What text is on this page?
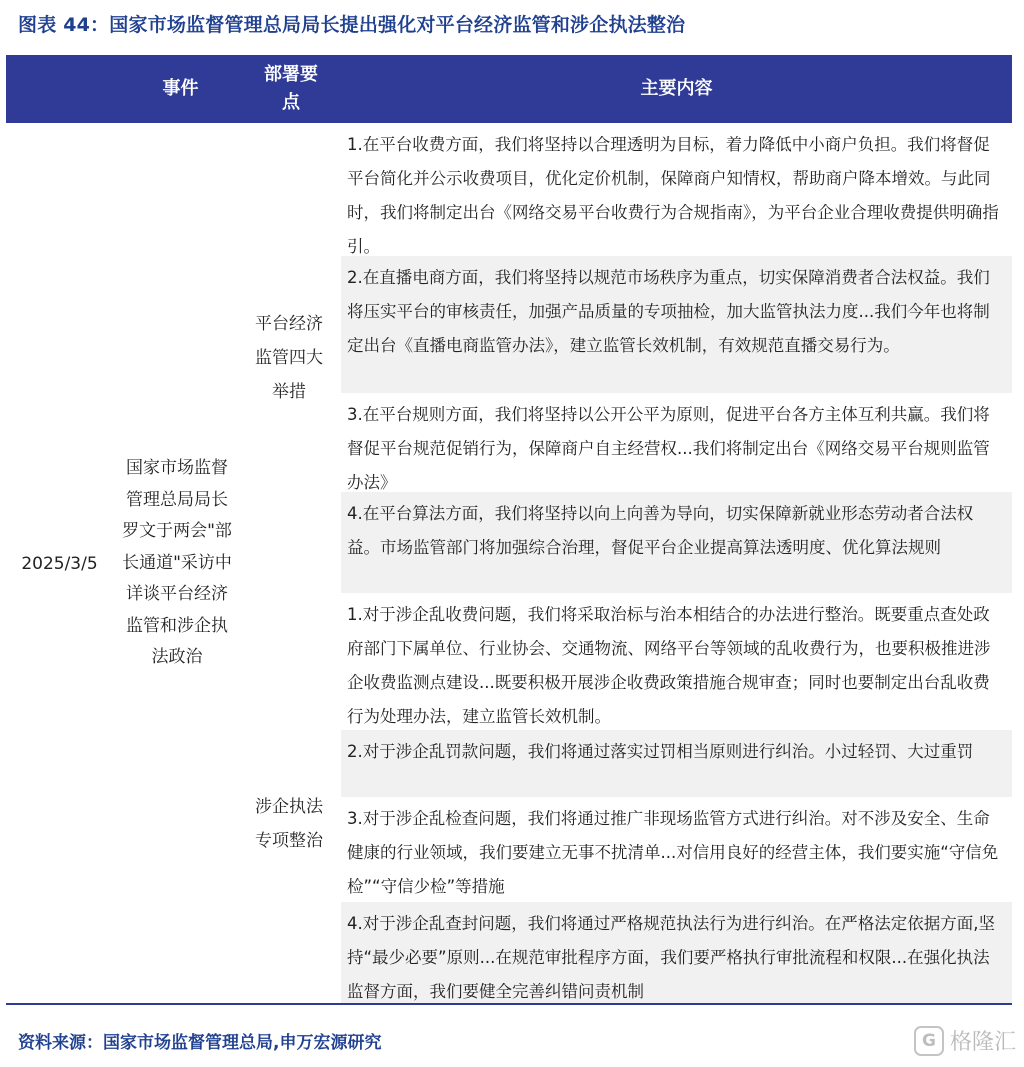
图表 44：国家市场监督管理总局局长提出强化对平台经济监管和涉企执法整治
事件
部署要点
主要内容
2025/3/5
国家市场监督管理总局局长罗文于两会"部长通道"采访中详谈平台经济监管和涉企执法政治
平台经济监管四大举措
涉企执法专项整治
1.在平台收费方面，我们将坚持以合理透明为目标，着力降低中小商户负担。我们将督促平台简化并公示收费项目，优化定价机制，保障商户知情权，帮助商户降本增效。与此同时，我们将制定出台《网络交易平台收费行为合规指南》，为平台企业合理收费提供明确指引。
2.在直播电商方面，我们将坚持以规范市场秩序为重点，切实保障消费者合法权益。我们将压实平台的审核责任，加强产品质量的专项抽检，加大监管执法力度...我们今年也将制定出台《直播电商监管办法》，建立监管长效机制，有效规范直播交易行为。
3.在平台规则方面，我们将坚持以公开公平为原则，促进平台各方主体互利共赢。我们将督促平台规范促销行为，保障商户自主经营权...我们将制定出台《网络交易平台规则监管办法》
4.在平台算法方面，我们将坚持以向上向善为导向，切实保障新就业形态劳动者合法权益。市场监管部门将加强综合治理，督促平台企业提高算法透明度、优化算法规则
1.对于涉企乱收费问题，我们将采取治标与治本相结合的办法进行整治。既要重点查处政府部门下属单位、行业协会、交通物流、网络平台等领域的乱收费行为，也要积极推进涉企收费监测点建设...既要积极开展涉企收费政策措施合规审查；同时也要制定出台乱收费行为处理办法，建立监管长效机制。
2.对于涉企乱罚款问题，我们将通过落实过罚相当原则进行纠治。小过轻罚、大过重罚
3.对于涉企乱检查问题，我们将通过推广非现场监管方式进行纠治。对不涉及安全、生命健康的行业领域，我们要建立无事不扰清单...对信用良好的经营主体，我们要实施“守信免检”“守信少检”等措施
4.对于涉企乱查封问题，我们将通过严格规范执法行为进行纠治。在严格法定依据方面,坚持“最少必要”原则...在规范审批程序方面，我们要严格执行审批流程和权限...在强化执法监督方面，我们要健全完善纠错问责机制
资料来源：国家市场监督管理总局,申万宏源研究	G 格隆汇
